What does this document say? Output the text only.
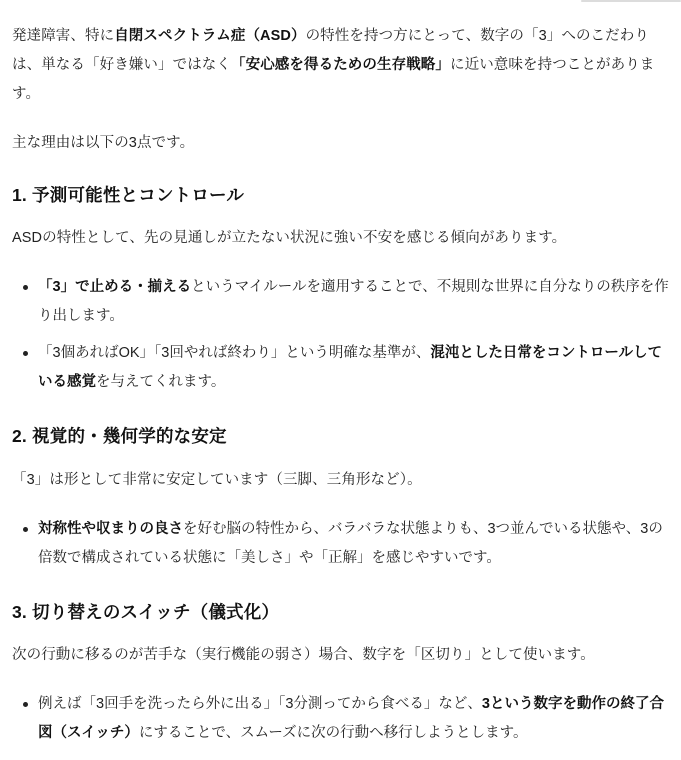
発達障害、特に自閉スペクトラム症（ASD）の特性を持つ方にとって、数字の「3」へのこだわりは、単なる「好き嫌い」ではなく「安心感を得るための生存戦略」に近い意味を持つことがあります。

主な理由は以下の3点です。

1. 予測可能性とコントロール

ASDの特性として、先の見通しが立たない状況に強い不安を感じる傾向があります。

「3」で止める・揃えるというマイルールを適用することで、不規則な世界に自分なりの秩序を作り出します。
「3個あればOK」「3回やれば終わり」という明確な基準が、混沌とした日常をコントロールしている感覚を与えてくれます。
2. 視覚的・幾何学的な安定

「3」は形として非常に安定しています（三脚、三角形など）。

対称性や収まりの良さを好む脳の特性から、バラバラな状態よりも、3つ並んでいる状態や、3の倍数で構成されている状態に「美しさ」や「正解」を感じやすいです。
3. 切り替えのスイッチ（儀式化）

次の行動に移るのが苦手な（実行機能の弱さ）場合、数字を「区切り」として使います。

例えば「3回手を洗ったら外に出る」「3分測ってから食べる」など、3という数字を動作の終了合図（スイッチ）にすることで、スムーズに次の行動へ移行しようとします。
